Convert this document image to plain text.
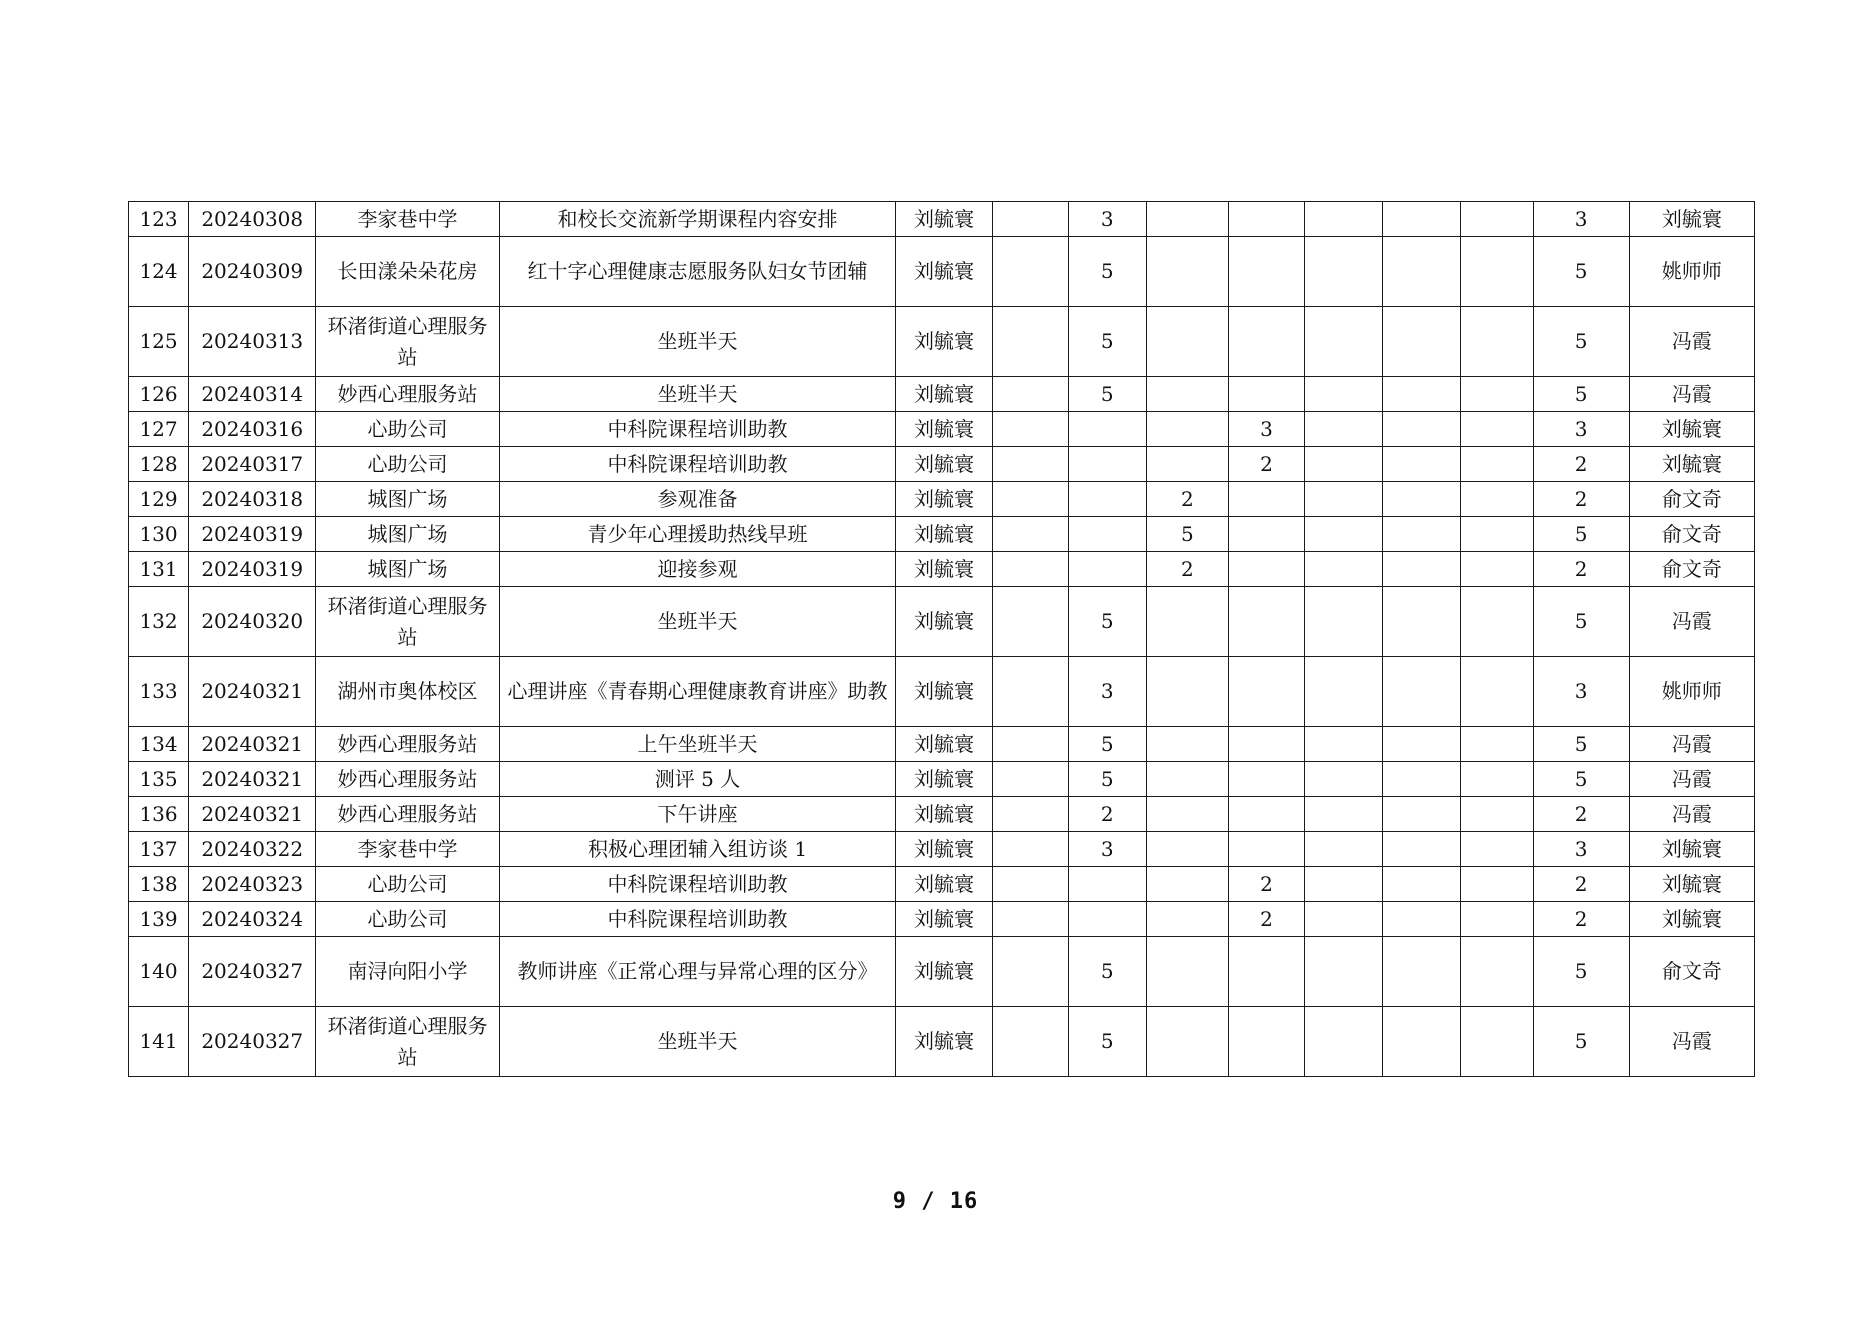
123	20240308	李家巷中学	和校长交流新学期课程内容安排	刘毓寰		3						3	刘毓寰
124	20240309	长田漾朵朵花房	红十字心理健康志愿服务队妇女节团辅	刘毓寰		5						5	姚师师
125	20240313	环渚街道心理服务站	坐班半天	刘毓寰		5						5	冯霞
126	20240314	妙西心理服务站	坐班半天	刘毓寰		5						5	冯霞
127	20240316	心助公司	中科院课程培训助教	刘毓寰				3				3	刘毓寰
128	20240317	心助公司	中科院课程培训助教	刘毓寰				2				2	刘毓寰
129	20240318	城图广场	参观准备	刘毓寰			2					2	俞文奇
130	20240319	城图广场	青少年心理援助热线早班	刘毓寰			5					5	俞文奇
131	20240319	城图广场	迎接参观	刘毓寰			2					2	俞文奇
132	20240320	环渚街道心理服务站	坐班半天	刘毓寰		5						5	冯霞
133	20240321	湖州市奥体校区	心理讲座《青春期心理健康教育讲座》助教	刘毓寰		3						3	姚师师
134	20240321	妙西心理服务站	上午坐班半天	刘毓寰		5						5	冯霞
135	20240321	妙西心理服务站	测评 5 人	刘毓寰		5						5	冯霞
136	20240321	妙西心理服务站	下午讲座	刘毓寰		2						2	冯霞
137	20240322	李家巷中学	积极心理团辅入组访谈 1	刘毓寰		3						3	刘毓寰
138	20240323	心助公司	中科院课程培训助教	刘毓寰				2				2	刘毓寰
139	20240324	心助公司	中科院课程培训助教	刘毓寰				2				2	刘毓寰
140	20240327	南浔向阳小学	教师讲座《正常心理与异常心理的区分》	刘毓寰		5						5	俞文奇
141	20240327	环渚街道心理服务站	坐班半天	刘毓寰		5						5	冯霞
9 / 16
